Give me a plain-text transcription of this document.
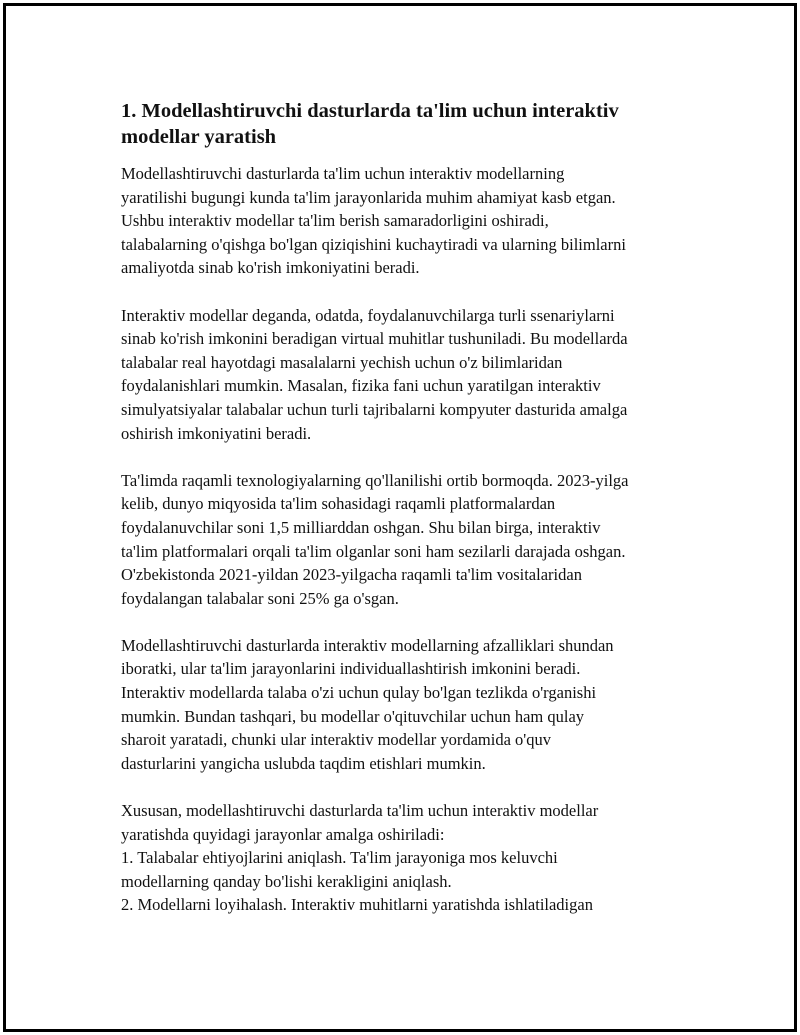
1. Modellashtiruvchi dasturlarda ta'lim uchun interaktiv
modellar yaratish

Modellashtiruvchi dasturlarda ta'lim uchun interaktiv modellarning
yaratilishi bugungi kunda ta'lim jarayonlarida muhim ahamiyat kasb etgan.
Ushbu interaktiv modellar ta'lim berish samaradorligini oshiradi,
talabalarning o'qishga bo'lgan qiziqishini kuchaytiradi va ularning bilimlarni
amaliyotda sinab ko'rish imkoniyatini beradi.

Interaktiv modellar deganda, odatda, foydalanuvchilarga turli ssenariylarni
sinab ko'rish imkonini beradigan virtual muhitlar tushuniladi. Bu modellarda
talabalar real hayotdagi masalalarni yechish uchun o'z bilimlaridan
foydalanishlari mumkin. Masalan, fizika fani uchun yaratilgan interaktiv
simulyatsiyalar talabalar uchun turli tajribalarni kompyuter dasturida amalga
oshirish imkoniyatini beradi.

Ta'limda raqamli texnologiyalarning qo'llanilishi ortib bormoqda. 2023-yilga
kelib, dunyo miqyosida ta'lim sohasidagi raqamli platformalardan
foydalanuvchilar soni 1,5 milliarddan oshgan. Shu bilan birga, interaktiv
ta'lim platformalari orqali ta'lim olganlar soni ham sezilarli darajada oshgan.
O'zbekistonda 2021-yildan 2023-yilgacha raqamli ta'lim vositalaridan
foydalangan talabalar soni 25% ga o'sgan.

Modellashtiruvchi dasturlarda interaktiv modellarning afzalliklari shundan
iboratki, ular ta'lim jarayonlarini individuallashtirish imkonini beradi.
Interaktiv modellarda talaba o'zi uchun qulay bo'lgan tezlikda o'rganishi
mumkin. Bundan tashqari, bu modellar o'qituvchilar uchun ham qulay
sharoit yaratadi, chunki ular interaktiv modellar yordamida o'quv
dasturlarini yangicha uslubda taqdim etishlari mumkin.

Xususan, modellashtiruvchi dasturlarda ta'lim uchun interaktiv modellar
yaratishda quyidagi jarayonlar amalga oshiriladi:
1. Talabalar ehtiyojlarini aniqlash. Ta'lim jarayoniga mos keluvchi
modellarning qanday bo'lishi kerakligini aniqlash.
2. Modellarni loyihalash. Interaktiv muhitlarni yaratishda ishlatiladigan
